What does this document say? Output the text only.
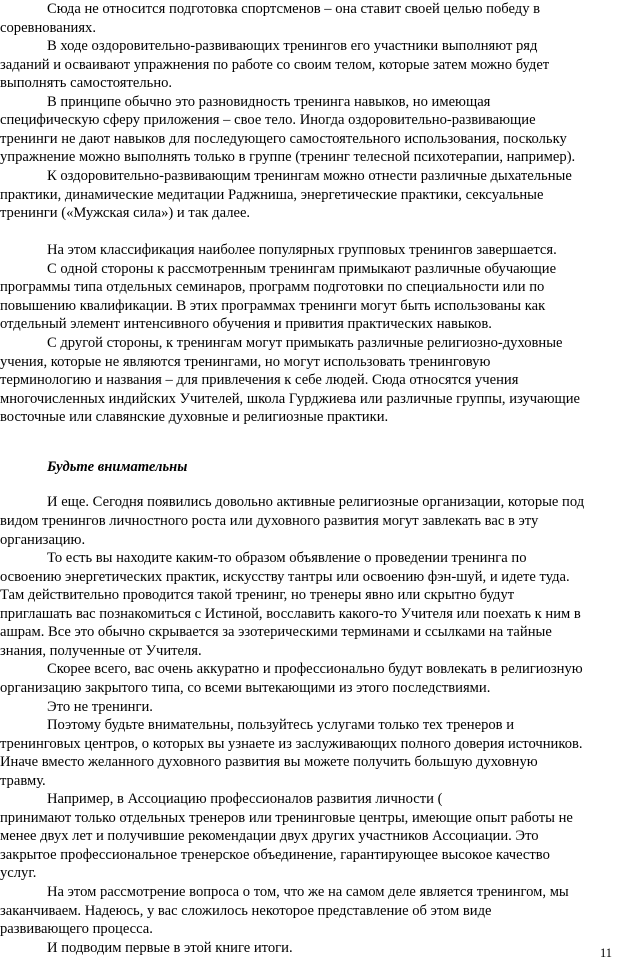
Сюда не относится подготовка спортсменов – она ставит своей целью победу в
соревнованиях.
В ходе оздоровительно-развивающих тренингов его участники выполняют ряд
заданий и осваивают упражнения по работе со своим телом, которые затем можно будет
выполнять самостоятельно.
В принципе обычно это разновидность тренинга навыков, но имеющая
специфическую сферу приложения – свое тело. Иногда оздоровительно-развивающие
тренинги не дают навыков для последующего самостоятельного использования, поскольку
упражнение можно выполнять только в группе (тренинг телесной психотерапии, например).
К оздоровительно-развивающим тренингам можно отнести различные дыхательные
практики, динамические медитации Раджниша, энергетические практики, сексуальные
тренинги («Мужская сила») и так далее.
На этом классификация наиболее популярных групповых тренингов завершается.
С одной стороны к рассмотренным тренингам примыкают различные обучающие
программы типа отдельных семинаров, программ подготовки по специальности или по
повышению квалификации. В этих программах тренинги могут быть использованы как
отдельный элемент интенсивного обучения и привития практических навыков.
С другой стороны, к тренингам могут примыкать различные религиозно-духовные
учения, которые не являются тренингами, но могут использовать тренинговую
терминологию и названия – для привлечения к себе людей. Сюда относятся учения
многочисленных индийских Учителей, школа Гурджиева или различные группы, изучающие
восточные или славянские духовные и религиозные практики.
Будьте внимательны
И еще. Сегодня появились довольно активные религиозные организации, которые под
видом тренингов личностного роста или духовного развития могут завлекать вас в эту
организацию.
То есть вы находите каким-то образом объявление о проведении тренинга по
освоению энергетических практик, искусству тантры или освоению фэн-шуй, и идете туда.
Там действительно проводится такой тренинг, но тренеры явно или скрытно будут
приглашать вас познакомиться с Истиной, восславить какого-то Учителя или поехать к ним в
ашрам. Все это обычно скрывается за эзотерическими терминами и ссылками на тайные
знания, полученные от Учителя.
Скорее всего, вас очень аккуратно и профессионально будут вовлекать в религиозную
организацию закрытого типа, со всеми вытекающими из этого последствиями.
Это не тренинги.
Поэтому будьте внимательны, пользуйтесь услугами только тех тренеров и
тренинговых центров, о которых вы узнаете из заслуживающих полного доверия источников.
Иначе вместо желанного духовного развития вы можете получить большую духовную
травму.
Например, в Ассоциацию профессионалов развития личности (
принимают только отдельных тренеров или тренинговые центры, имеющие опыт работы не
менее двух лет и получившие рекомендации двух других участников Ассоциации. Это
закрытое профессиональное тренерское объединение, гарантирующее высокое качество
услуг.
На этом рассмотрение вопроса о том, что же на самом деле является тренингом, мы
заканчиваем. Надеюсь, у вас сложилось некоторое представление об этом виде
развивающего процесса.
11
И подводим первые в этой книге итоги.
